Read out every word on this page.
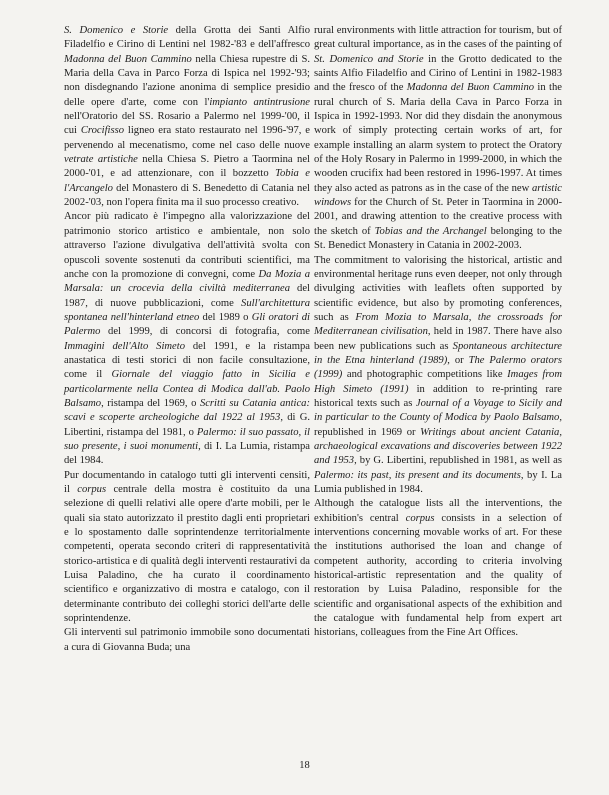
S. Domenico e Storie della Grotta dei Santi Alfio Filadelfio e Cirino di Lentini nel 1982-'83 e dell'affresco Madonna del Buon Cammino nella Chiesa rupestre di S. Maria della Cava in Parco Forza di Ispica nel 1992-'93; non disdegnando l'azione anonima di semplice presidio delle opere d'arte, come con l'impianto antintrusione nell'Oratorio del SS. Rosario a Palermo nel 1999-'00, il cui Crocifisso ligneo era stato restaurato nel 1996-'97, e pervenendo al mecenatismo, come nel caso delle nuove vetrate artistiche nella Chiesa S. Pietro a Taormina nel 2000-'01, e ad attenzionare, con il bozzetto Tobia e l'Arcangelo del Monastero di S. Benedetto di Catania nel 2002-'03, non l'opera finita ma il suo processo creativo.

Ancor più radicato è l'impegno alla valorizzazione del patrimonio storico artistico e ambientale, non solo attraverso l'azione divulgativa dell'attività svolta con opuscoli sovente sostenuti da contributi scientifici, ma anche con la promozione di convegni, come Da Mozia a Marsala: un crocevia della civiltà mediterranea del 1987, di nuove pubblicazioni, come Sull'architettura spontanea nell'hinterland etneo del 1989 o Gli oratori di Palermo del 1999, di concorsi di fotografia, come Immagini dell'Alto Simeto del 1991, e la ristampa anastatica di testi storici di non facile consultazione, come il Giornale del viaggio fatto in Sicilia e particolarmente nella Contea di Modica dall'ab. Paolo Balsamo, ristampa del 1969, o Scritti su Catania antica: scavi e scoperte archeologiche dal 1922 al 1953, di G. Libertini, ristampa del 1981, o Palermo: il suo passato, il suo presente, i suoi monumenti, di I. La Lumia, ristampa del 1984.

Pur documentando in catalogo tutti gli interventi censiti, il corpus centrale della mostra è costituito da una selezione di quelli relativi alle opere d'arte mobili, per le quali sia stato autorizzato il prestito dagli enti proprietari e lo spostamento dalle soprintendenze territorialmente competenti, operata secondo criteri di rappresentatività storico-artistica e di qualità degli interventi restaurativi da Luisa Paladino, che ha curato il coordinamento scientifico e organizzativo di mostra e catalogo, con il determinante contributo dei colleghi storici dell'arte delle soprintendenze.

Gli interventi sul patrimonio immobile sono documentati a cura di Giovanna Buda; una

rural environments with little attraction for tourism, but of great cultural importance, as in the cases of the painting of St. Domenico and Storie in the Grotto dedicated to the saints Alfio Filadelfio and Cirino of Lentini in 1982-1983 and the fresco of the Madonna del Buon Cammino in the rural church of S. Maria della Cava in Parco Forza in Ispica in 1992-1993. Nor did they disdain the anonymous work of simply protecting certain works of art, for example installing an alarm system to protect the Oratory of the Holy Rosary in Palermo in 1999-2000, in which the wooden crucifix had been restored in 1996-1997. At times they also acted as patrons as in the case of the new artistic windows for the Church of St. Peter in Taormina in 2000-2001, and drawing attention to the creative process with the sketch of Tobias and the Archangel belonging to the St. Benedict Monastery in Catania in 2002-2003.

The commitment to valorising the historical, artistic and environmental heritage runs even deeper, not only through divulging activities with leaflets often supported by scientific evidence, but also by promoting conferences, such as From Mozia to Marsala, the crossroads for Mediterranean civilisation, held in 1987. There have also been new publications such as Spontaneous architecture in the Etna hinterland (1989), or The Palermo orators (1999) and photographic competitions like Images from High Simeto (1991) in addition to re-printing rare historical texts such as Journal of a Voyage to Sicily and in particular to the County of Modica by Paolo Balsamo, republished in 1969 or Writings about ancient Catania, archaeological excavations and discoveries between 1922 and 1953, by G. Libertini, republished in 1981, as well as Palermo: its past, its present and its documents, by I. La Lumia published in 1984.

Although the catalogue lists all the interventions, the exhibition's central corpus consists in a selection of interventions concerning movable works of art. For these the institutions authorised the loan and change of competent authority, according to criteria involving historical-artistic representation and the quality of restoration by Luisa Paladino, responsible for the scientific and organisational aspects of the exhibition and the catalogue with fundamental help from expert art historians, colleagues from the Fine Art Offices.

18
